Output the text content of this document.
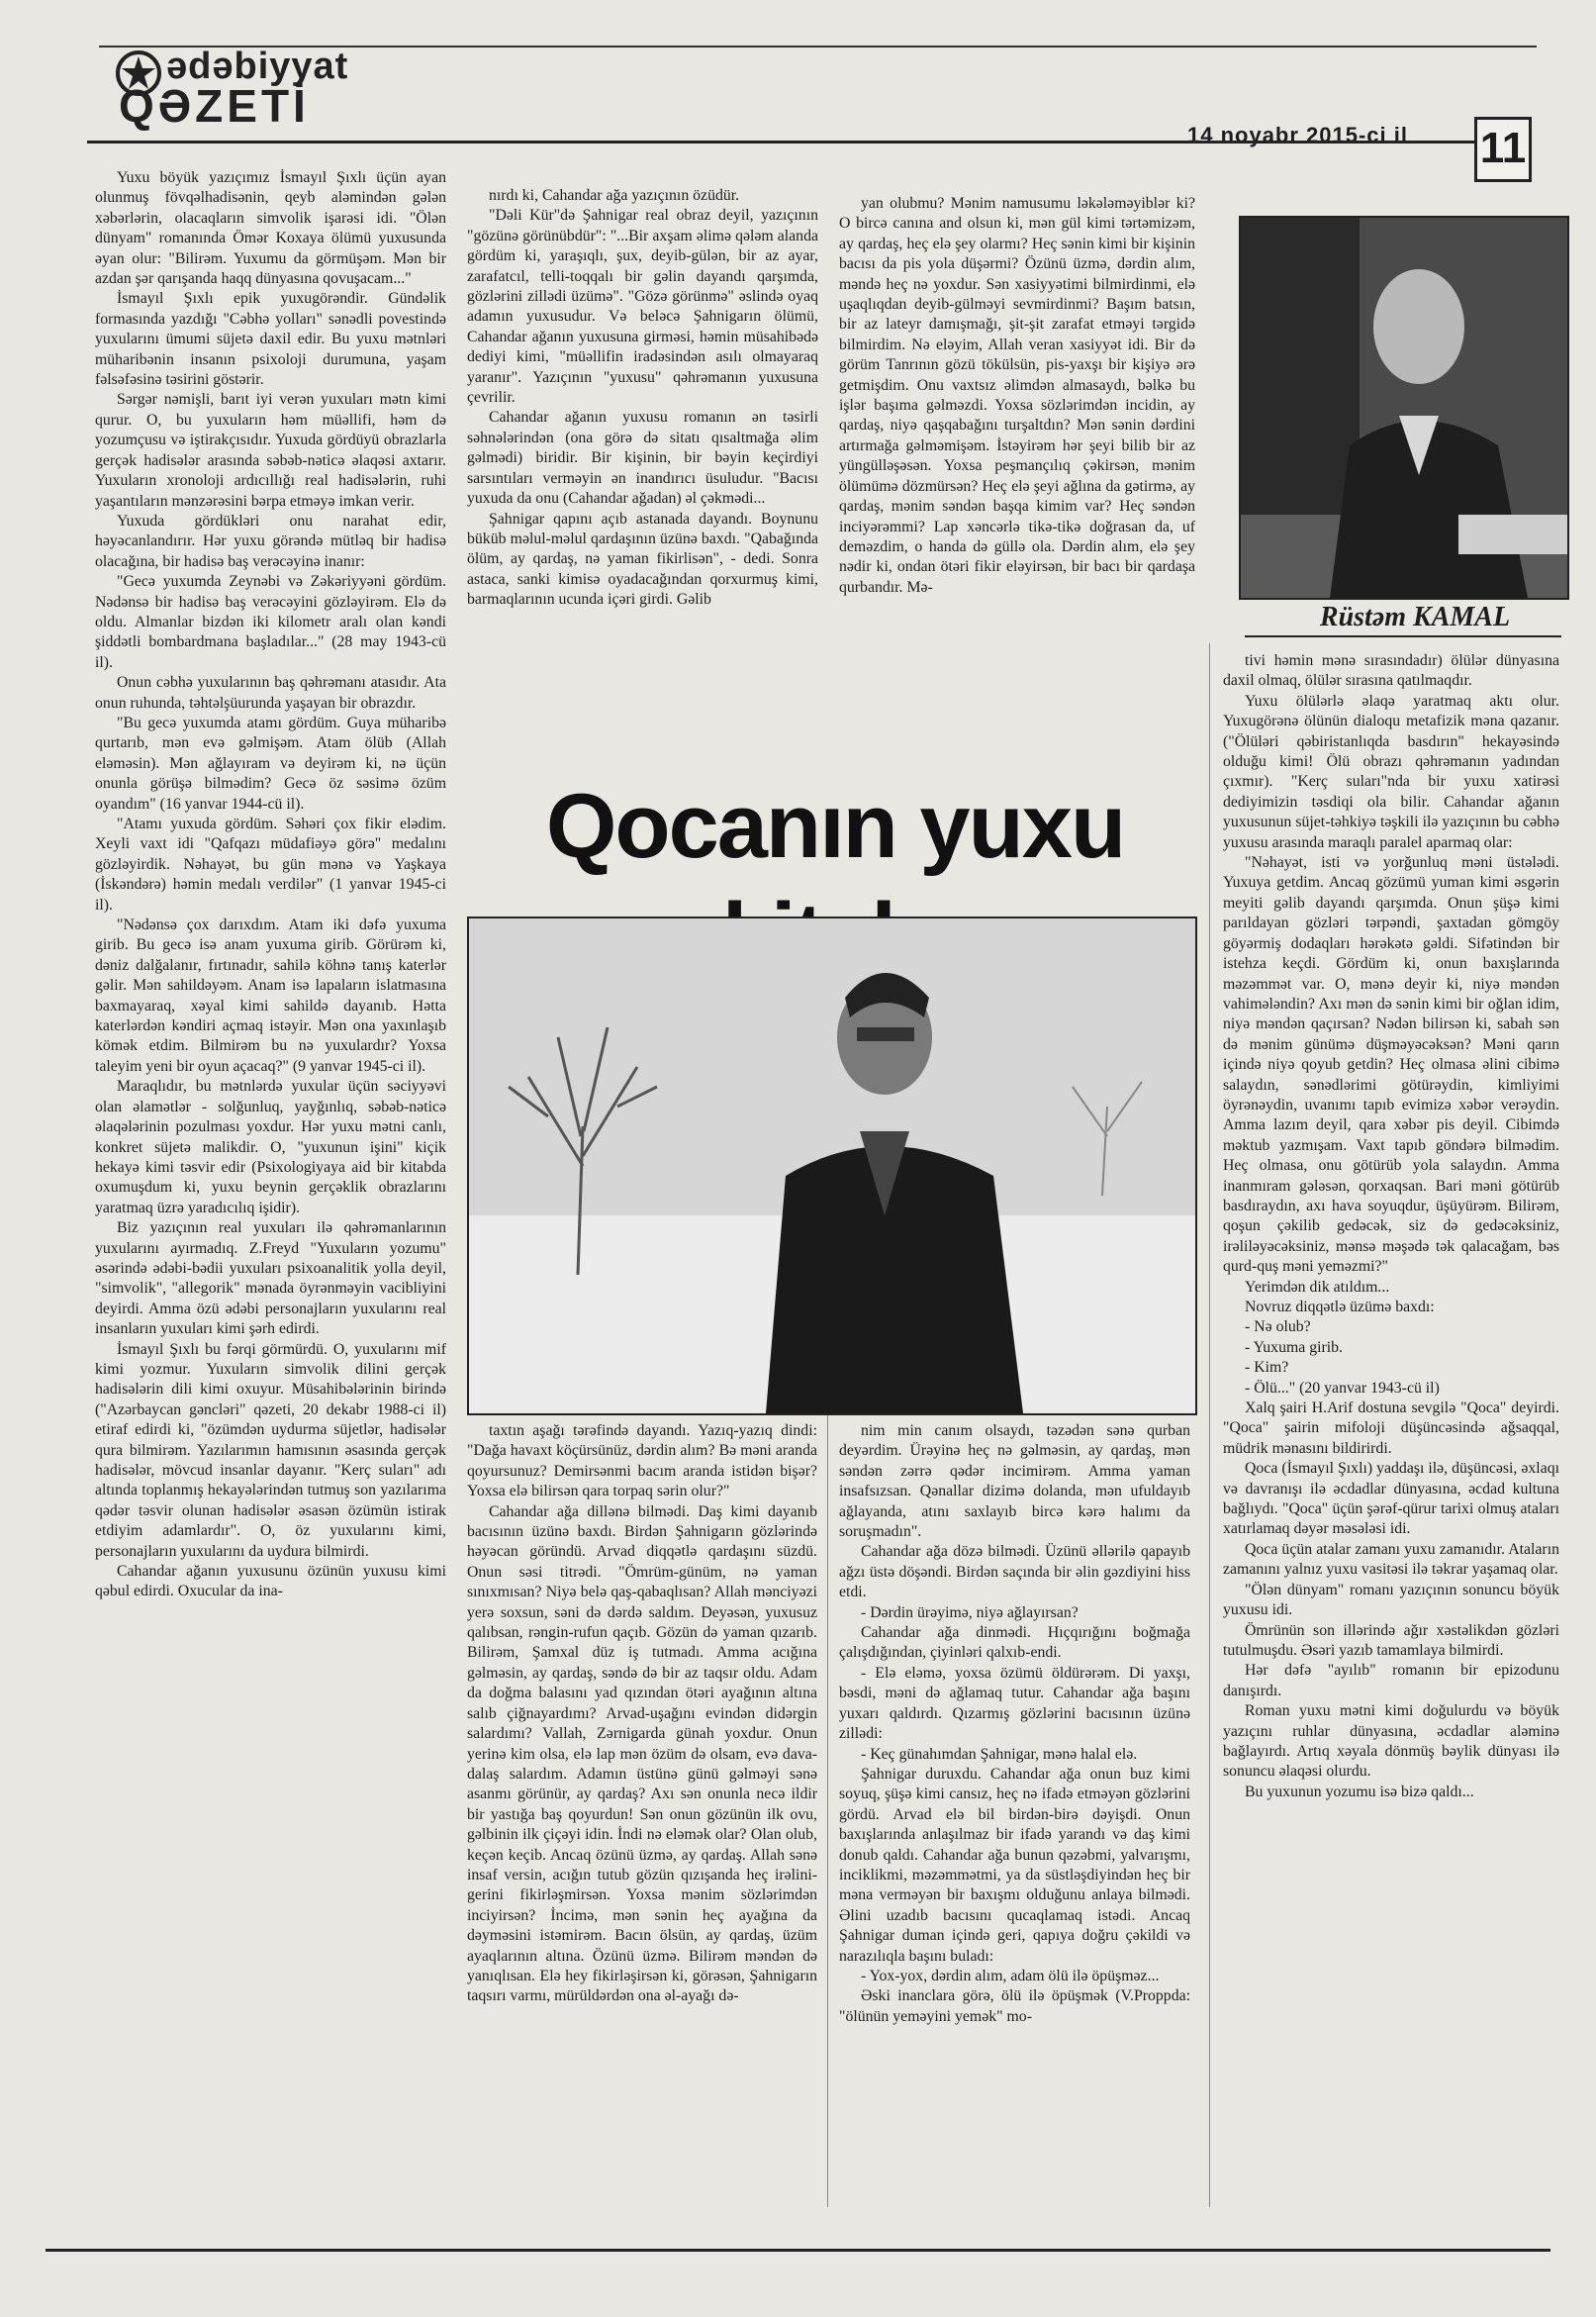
ədəbiyyat
QƏZETİ
14 noyabr 2015-ci il 11

Yuxu böyük yazıçımız İsmayıl Şıxlı üçün ayan olunmuş fövqəlhadisənin, qeyb aləmindən gələn xəbərlərin, olacaqların simvolik işarəsi idi. "Ölən dünyam" romanında Ömər Koxaya ölümü yuxusunda əyan olur: "Bilirəm. Yuxumu da görmüşəm. Mən bir azdan şər qarışanda haqq dünyasına qovuşacam..."

İsmayıl Şıxlı epik yuxugörəndir. Gündəlik formasında yazdığı "Cəbhə yolları" sənədli povestində yuxularını ümumi süjetə daxil edir. Bu yuxu mətnləri müharibənin insanın psixoloji durumuna, yaşam fəlsəfəsinə təsirini göstərir.

Sərgər nəmişli, barıt iyi verən yuxuları mətn kimi qurur. O, bu yuxuların həm müəllifi, həm də yozumçusu və iştirakçısıdır. Yuxuda gördüyü obrazlarla gerçək hadisələr arasında səbəb-nəticə əlaqəsi axtarır. Yuxuların xronoloji ardıcıllığı real hadisələrin, ruhi yaşantıların mənzərəsini bərpa etməyə imkan verir.

Yuxuda gördükləri onu narahat edir, həyəcanlandırır. Hər yuxu görəndə mütləq bir hadisə olacağına, bir hadisə baş verəcəyinə inanır:

"Gecə yuxumda Zeynəbi və Zəkəriyyəni gördüm. Nədənsə bir hadisə baş verəcəyini gözləyirəm. Elə də oldu. Almanlar bizdən iki kilometr aralı olan kəndi şiddətli bombardmana başladılar..." (28 may 1943-cü il).

Onun cəbhə yuxularının baş qəhrəmanı atasıdır. Ata onun ruhunda, təhtəlşüurunda yaşayan bir obrazdır.

"Bu gecə yuxumda atamı gördüm. Guya müharibə qurtarıb, mən evə gəlmişəm. Atam ölüb (Allah eləməsin). Mən ağlayıram və deyirəm ki, nə üçün onunla görüşə bilmədim? Gecə öz səsimə özüm oyandım" (16 yanvar 1944-cü il).

"Atamı yuxuda gördüm. Səhəri çox fikir elədim. Xeyli vaxt idi "Qafqazı müdafiəyə görə" medalını gözləyirdik. Nəhayət, bu gün mənə və Yaşkaya (İskəndərə) həmin medalı verdilər" (1 yanvar 1945-ci il).

"Nədənsə çox darıxdım. Atam iki dəfə yuxuma girib. Bu gecə isə anam yuxuma girib. Görürəm ki, dəniz dalğalanır, fırtınadır, sahilə köhnə tanış katerlər gəlir. Mən sahildəyəm. Anam isə lapaların islatmasına baxmayaraq, xəyal kimi sahildə dayanıb. Hətta katerlərdən kəndiri açmaq istəyir. Mən ona yaxınlaşıb kömək etdim. Bilmirəm bu nə yuxulardır? Yoxsa taleyim yeni bir oyun açacaq?" (9 yanvar 1945-ci il).

Maraqlıdır, bu mətnlərdə yuxular üçün səciyyəvi olan əlamətlər - solğunluq, yayğınlıq, səbəb-nəticə əlaqələrinin pozulması yoxdur. Hər yuxu mətni canlı, konkret süjetə malikdir. O, "yuxunun işini" kiçik hekayə kimi təsvir edir (Psixologiyaya aid bir kitabda oxumuşdum ki, yuxu beynin gerçəklik obrazlarını yaratmaq üzrə yaradıcılıq işidir).

Biz yazıçının real yuxuları ilə qəhrəmanlarının yuxularını ayırmadıq. Z.Freyd "Yuxuların yozumu" əsərində ədəbi-bədii yuxuları psixoanalitik yolla deyil, "simvolik", "allegorik" mənada öyrənməyin vacibliyini deyirdi. Amma özü ədəbi personajların yuxularını real insanların yuxuları kimi şərh edirdi.

İsmayıl Şıxlı bu fərqi görmürdü. O, yuxularını mif kimi yozmur. Yuxuların simvolik dilini gerçək hadisələrin dili kimi oxuyur. Müsahibələrinin birində ("Azərbaycan gəncləri" qəzeti, 20 dekabr 1988-ci il) etiraf edirdi ki, "özümdən uydurma süjetlər, hadisələr qura bilmirəm. Yazılarımın hamısının əsasında gerçək hadisələr, mövcud insanlar dayanır. "Kerç suları" adı altında toplanmış hekayələrindən tutmuş son yazılarıma qədər təsvir olunan hadisələr əsasən özümün istirak etdiyim adamlardır". O, öz yuxularını kimi, personajların yuxularını da uydura bilmirdi.

Cahandar ağanın yuxusunu özünün yuxusu kimi qəbul edirdi. Oxucular da ina-

nırdı ki, Cahandar ağa yazıçının özüdür.

"Dəli Kür"də Şahnigar real obraz deyil, yazıçının "gözünə görünübdür": "...Bir axşam əlimə qələm alanda gördüm ki, yaraşıqlı, şux, deyib-gülən, bir az ayar, zarafatcıl, telli-toqqalı bir gəlin dayandı qarşımda, gözlərini zillədi üzümə". "Gözə görünmə" əslində oyaq adamın yuxusudur. Və beləcə Şahnigarın ölümü, Cahandar ağanın yuxusuna girməsi, həmin müsahibədə dediyi kimi, "müəllifin iradəsindən asılı olmayaraq yaranır". Yazıçının "yuxusu" qəhrəmanın yuxusuna çevrilir.

Cahandar ağanın yuxusu romanın ən təsirli səhnələrindən (ona görə də sitatı qısaltmağa əlim gəlmədi) biridir. Bir kişinin, bir bəyin keçirdiyi sarsıntıları verməyin ən inandırıcı üsuludur. "Bacısı yuxuda da onu (Cahandar ağadan) əl çəkmədi...

Şahnigar qapını açıb astanada dayandı. Boynunu büküb məlul-məlul qardaşının üzünə baxdı. "Qabağında ölüm, ay qardaş, nə yaman fikirlisən", - dedi. Sonra astaca, sanki kimisə oyadacağından qorxurmuş kimi, barmaqlarının ucunda içəri girdi. Gəlib

yan olubmu? Mənim namusumu ləkələməyiblər ki? O bircə canına and olsun ki, mən gül kimi tərtəmizəm, ay qardaş, heç elə şey olarmı? Heç sənin kimi bir kişinin bacısı da pis yola düşərmi? Özünü üzmə, dərdin alım, məndə heç nə yoxdur. Sən xasiyyətimi bilmirdinmi, elə uşaqlıqdan deyib-gülməyi sevmirdinmi? Başım batsın, bir az lateyr damışmağı, şit-şit zarafat etməyi tərgidə bilmirdim. Nə eləyim, Allah veran xasiyyət idi. Bir də görüm Tanrının gözü tökülsün, pis-yaxşı bir kişiyə ərə getmişdim. Onu vaxtsız əlimdən almasaydı, bəlkə bu işlər başıma gəlməzdi. Yoxsa sözlərimdən incidin, ay qardaş, niyə qaşqabağını turşaltdın? Mən sənin dərdini artırmağa gəlməmişəm. İstəyirəm hər şeyi bilib bir az yüngülləşəsən. Yoxsa peşmançılıq çəkirsən, mənim ölümümə dözmürsən? Heç elə şeyi ağlına da gətirmə, ay qardaş, mənim səndən başqa kimim var? Heç səndən inciyərəmmi? Lap xəncərlə tikə-tikə doğrasan da, uf deməzdim, o handa də güllə ola. Dərdin alım, elə şey nədir ki, ondan ötəri fikir eləyirsən, bir bacı bir qardaşa qurbandır. Mə-

Rüstəm KAMAL

tivi həmin mənə sırasındadır) ölülər dünyasına daxil olmaq, ölülər sırasına qatılmaqdır.

Yuxu ölülərlə əlaqə yaratmaq aktı olur. Yuxugörənə ölünün dialoqu metafizik məna qazanır. ("Ölüləri qəbiristanlıqda basdırın" hekayəsində olduğu kimi! Ölü obrazı qəhrəmanın yadından çıxmır). "Kerç suları"nda bir yuxu xatirəsi dediyimizin təsdiqi ola bilir. Cahandar ağanın yuxusunun süjet-təhkiyə təşkili ilə yazıçının bu cəbhə yuxusu arasında maraqlı paralel aparmaq olar:

"Nəhayət, isti və yorğunluq məni üstələdi. Yuxuya getdim. Ancaq gözümü yuman kimi əsgərin meyiti gəlib dayandı qarşımda. Onun şüşə kimi parıldayan gözləri tərpəndi, şaxtadan gömgöy göyərmiş dodaqları hərəkətə gəldi. Sifətindən bir istehza keçdi. Gördüm ki, onun baxışlarında məzəmmət var. O, mənə deyir ki, niyə məndən vahimələndin? Axı mən də sənin kimi bir oğlan idim, niyə məndən qaçırsan? Nədən bilirsən ki, sabah sən də mənim günümə düşməyəcəksən? Məni qarın içində niyə qoyub getdin? Heç olmasa əlini cibimə salaydın, sənədlərimi götürəydin, kimliyimi öyrənəydin, uvanımı tapıb evimizə xəbər verəydin. Amma lazım deyil, qara xəbər pis deyil. Cibimdə məktub yazmışam. Vaxt tapıb göndərə bilmədim. Heç olmasa, onu götürüb yola salaydın. Amma inanmıram gələsən, qorxaqsan. Bari məni götürüb basdıraydın, axı hava soyuqdur, üşüyürəm. Bilirəm, qoşun çəkilib gedəcək, siz də gedəcəksiniz, irəliləyəcəksiniz, mənsə məşədə tək qalacağam, bəs qurd-quş məni yeməzmi?"

Yerimdən dik atıldım...

Novruz diqqətlə üzümə baxdı:

- Nə olub?

- Yuxuma girib.

- Kim?

- Ölü..." (20 yanvar 1943-cü il)

Xalq şairi H.Arif dostuna sevgilə "Qoca" deyirdi. "Qoca" şairin mifoloji düşüncəsində ağsaqqal, müdrik mənasını bildirirdi.

Qoca (İsmayıl Şıxlı) yaddaşı ilə, düşüncəsi, əxlaqı və davranışı ilə əcdadlar dünyasına, əcdad kultuna bağlıydı. "Qoca" üçün şərəf-qürur tarixi olmuş ataları xatırlamaq dəyər məsələsi idi.

Qoca üçün atalar zamanı yuxu zamanıdır. Ataların zamanını yalnız yuxu vasitəsi ilə təkrar yaşamaq olar.

"Ölən dünyam" romanı yazıçının sonuncu böyük yuxusu idi.

Ömrünün son illərində ağır xəstəlikdən gözləri tutulmuşdu. Əsəri yazıb tamamlaya bilmirdi.

Hər dəfə "ayılıb" romanın bir epizodunu danışırdı.

Roman yuxu mətni kimi doğulurdu və böyük yazıçını ruhlar dünyasına, əcdadlar aləminə bağlayırdı. Artıq xəyala dönmüş bəylik dünyası ilə sonuncu əlaqəsi olurdu.

Bu yuxunun yozumu isə bizə qaldı...

Qocanın yuxu

taxtın aşağı tərəfində dayandı. Yazıq-yazıq dindi: "Dağa havaxt köçürsünüz, dərdin alım? Bə məni aranda qoyursunuz? Demirsənmi bacım aranda istidən bişər? Yoxsa elə bilirsən qara torpaq sərin olur?"

Cahandar ağa dillənə bilmədi. Daş kimi dayanıb bacısının üzünə baxdı. Birdən Şahnigarın gözlərində həyəcan göründü. Arvad diqqətlə qardaşını süzdü. Onun səsi titrədi. "Ömrüm-günüm, nə yaman sınıxmısan? Niyə belə qaş-qabaqlısan? Allah mənciyəzi yerə soxsun, səni də dərdə saldım. Deyəsən, yuxusuz qalıbsan, rəngin-rufun qaçıb. Gözün də yaman qızarıb. Bilirəm, Şamxal düz iş tutmadı. Amma acığına gəlməsin, ay qardaş, səndə də bir az taqsır oldu. Adam da doğma balasını yad qızından ötəri ayağının altına salıb çiğnayardımı? Arvad-uşağını evindən didərgin salardımı? Vallah, Zərnigarda günah yoxdur. Onun yerinə kim olsa, elə lap mən özüm də olsam, evə dava-dalaş salardım. Adamın üstünə günü gəlməyi sənə asanmı görünür, ay qardaş? Axı sən onunla necə ildir bir yastığa baş qoyurdun! Sən onun gözünün ilk ovu, gəlbinin ilk çiçəyi idin. İndi nə eləmək olar? Olan olub, keçən keçib. Ancaq özünü üzmə, ay qardaş. Allah sənə insaf versin, acığın tutub gözün qızışanda heç irəlini-gerini fikirləşmirsən. Yoxsa mənim sözlərimdən inciyirsən? İncimə, mən sənin heç ayağına da dəyməsini istəmirəm. Bacın ölsün, ay qardaş, üzüm ayaqlarının altına. Özünü üzmə. Bilirəm məndən də yanıqlısan. Elə hey fikirləşirsən ki, görəsən, Şahnigarın taqsırı varmı, mürüldərdən ona əl-ayağı də-

nim min canım olsaydı, təzədən sənə qurban deyərdim. Ürəyinə heç nə gəlməsin, ay qardaş, mən səndən zərrə qədər incimirəm. Amma yaman insafsızsan. Qənallar dizimə dolanda, mən ufuldayıb ağlayanda, atını saxlayıb bircə kərə halımı da soruşmadın".

Cahandar ağa dözə bilmədi. Üzünü əllərilə qapayıb ağzı üstə döşəndi. Birdən saçında bir əlin gəzdiyini hiss etdi.

- Dərdin ürəyimə, niyə ağlayırsan?

Cahandar ağa dinmədi. Hıçqırığını boğmağa çalışdığından, çiyinləri qalxıb-endi.

- Elə eləmə, yoxsa özümü öldürərəm. Di yaxşı, bəsdi, məni də ağlamaq tutur. Cahandar ağa başını yuxarı qaldırdı. Qızarmış gözlərini bacısının üzünə zillədi:

- Keç günahımdan Şahnigar, mənə halal elə.

Şahnigar duruxdu. Cahandar ağa onun buz kimi soyuq, şüşə kimi cansız, heç nə ifadə etməyən gözlərini gördü. Arvad elə bil birdən-birə dəyişdi. Onun baxışlarında anlaşılmaz bir ifadə yarandı və daş kimi donub qaldı. Cahandar ağa bunun qəzəbmi, yalvarışmı, inciklikmi, məzəmmətmi, ya da süstləşdiyindən heç bir məna verməyən bir baxışmı olduğunu anlaya bilmədi. Əlini uzadıb bacısını qucaqlamaq istədi. Ancaq Şahnigar duman içində geri, qapıya doğru çəkildi və narazılıqla başını buladı:

- Yox-yox, dərdin alım, adam ölü ilə öpüşməz...

Əski inanclara görə, ölü ilə öpüşmək (V.Proppda: "ölünün yeməyini yemək" mo-
